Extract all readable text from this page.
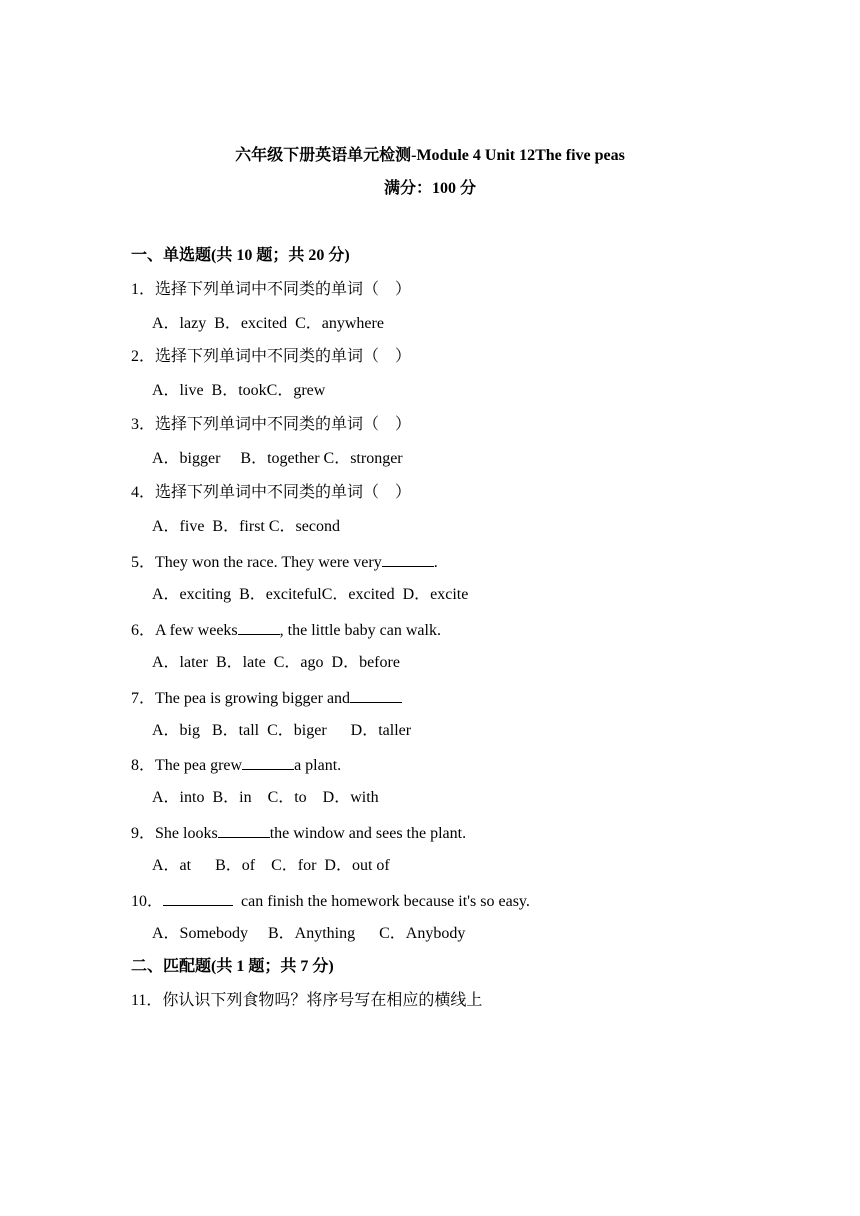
六年级下册英语单元检测-Module 4 Unit 12The five peas

满分：100 分

一、单选题(共 10 题；共 20 分)

1．选择下列单词中不同类的单词（　）

A．lazy  B．excited  C．anywhere

2．选择下列单词中不同类的单词（　）

A．live  B．tookC．grew

3．选择下列单词中不同类的单词（　）

A．bigger     B．together C．stronger

4．选择下列单词中不同类的单词（　）

A．five  B．first C．second

5．They won the race. They were very	.

A．exciting  B．excitefulC．excited  D．excite

6．A few weeks	, the little baby can walk.

A．later  B．late  C．ago  D．before

7．The pea is growing bigger and

A．big   B．tall  C．biger      D．taller

8．The pea grew	a plant.

A．into  B．in    C．to    D．with

9．She looks	the window and sees the plant.

A．at      B．of    C．for  D．out of

10．	can finish the homework because it's so easy.

A．Somebody     B．Anything      C．Anybody

二、匹配题(共 1 题；共 7 分)

11．你认识下列食物吗？将序号写在相应的横线上
